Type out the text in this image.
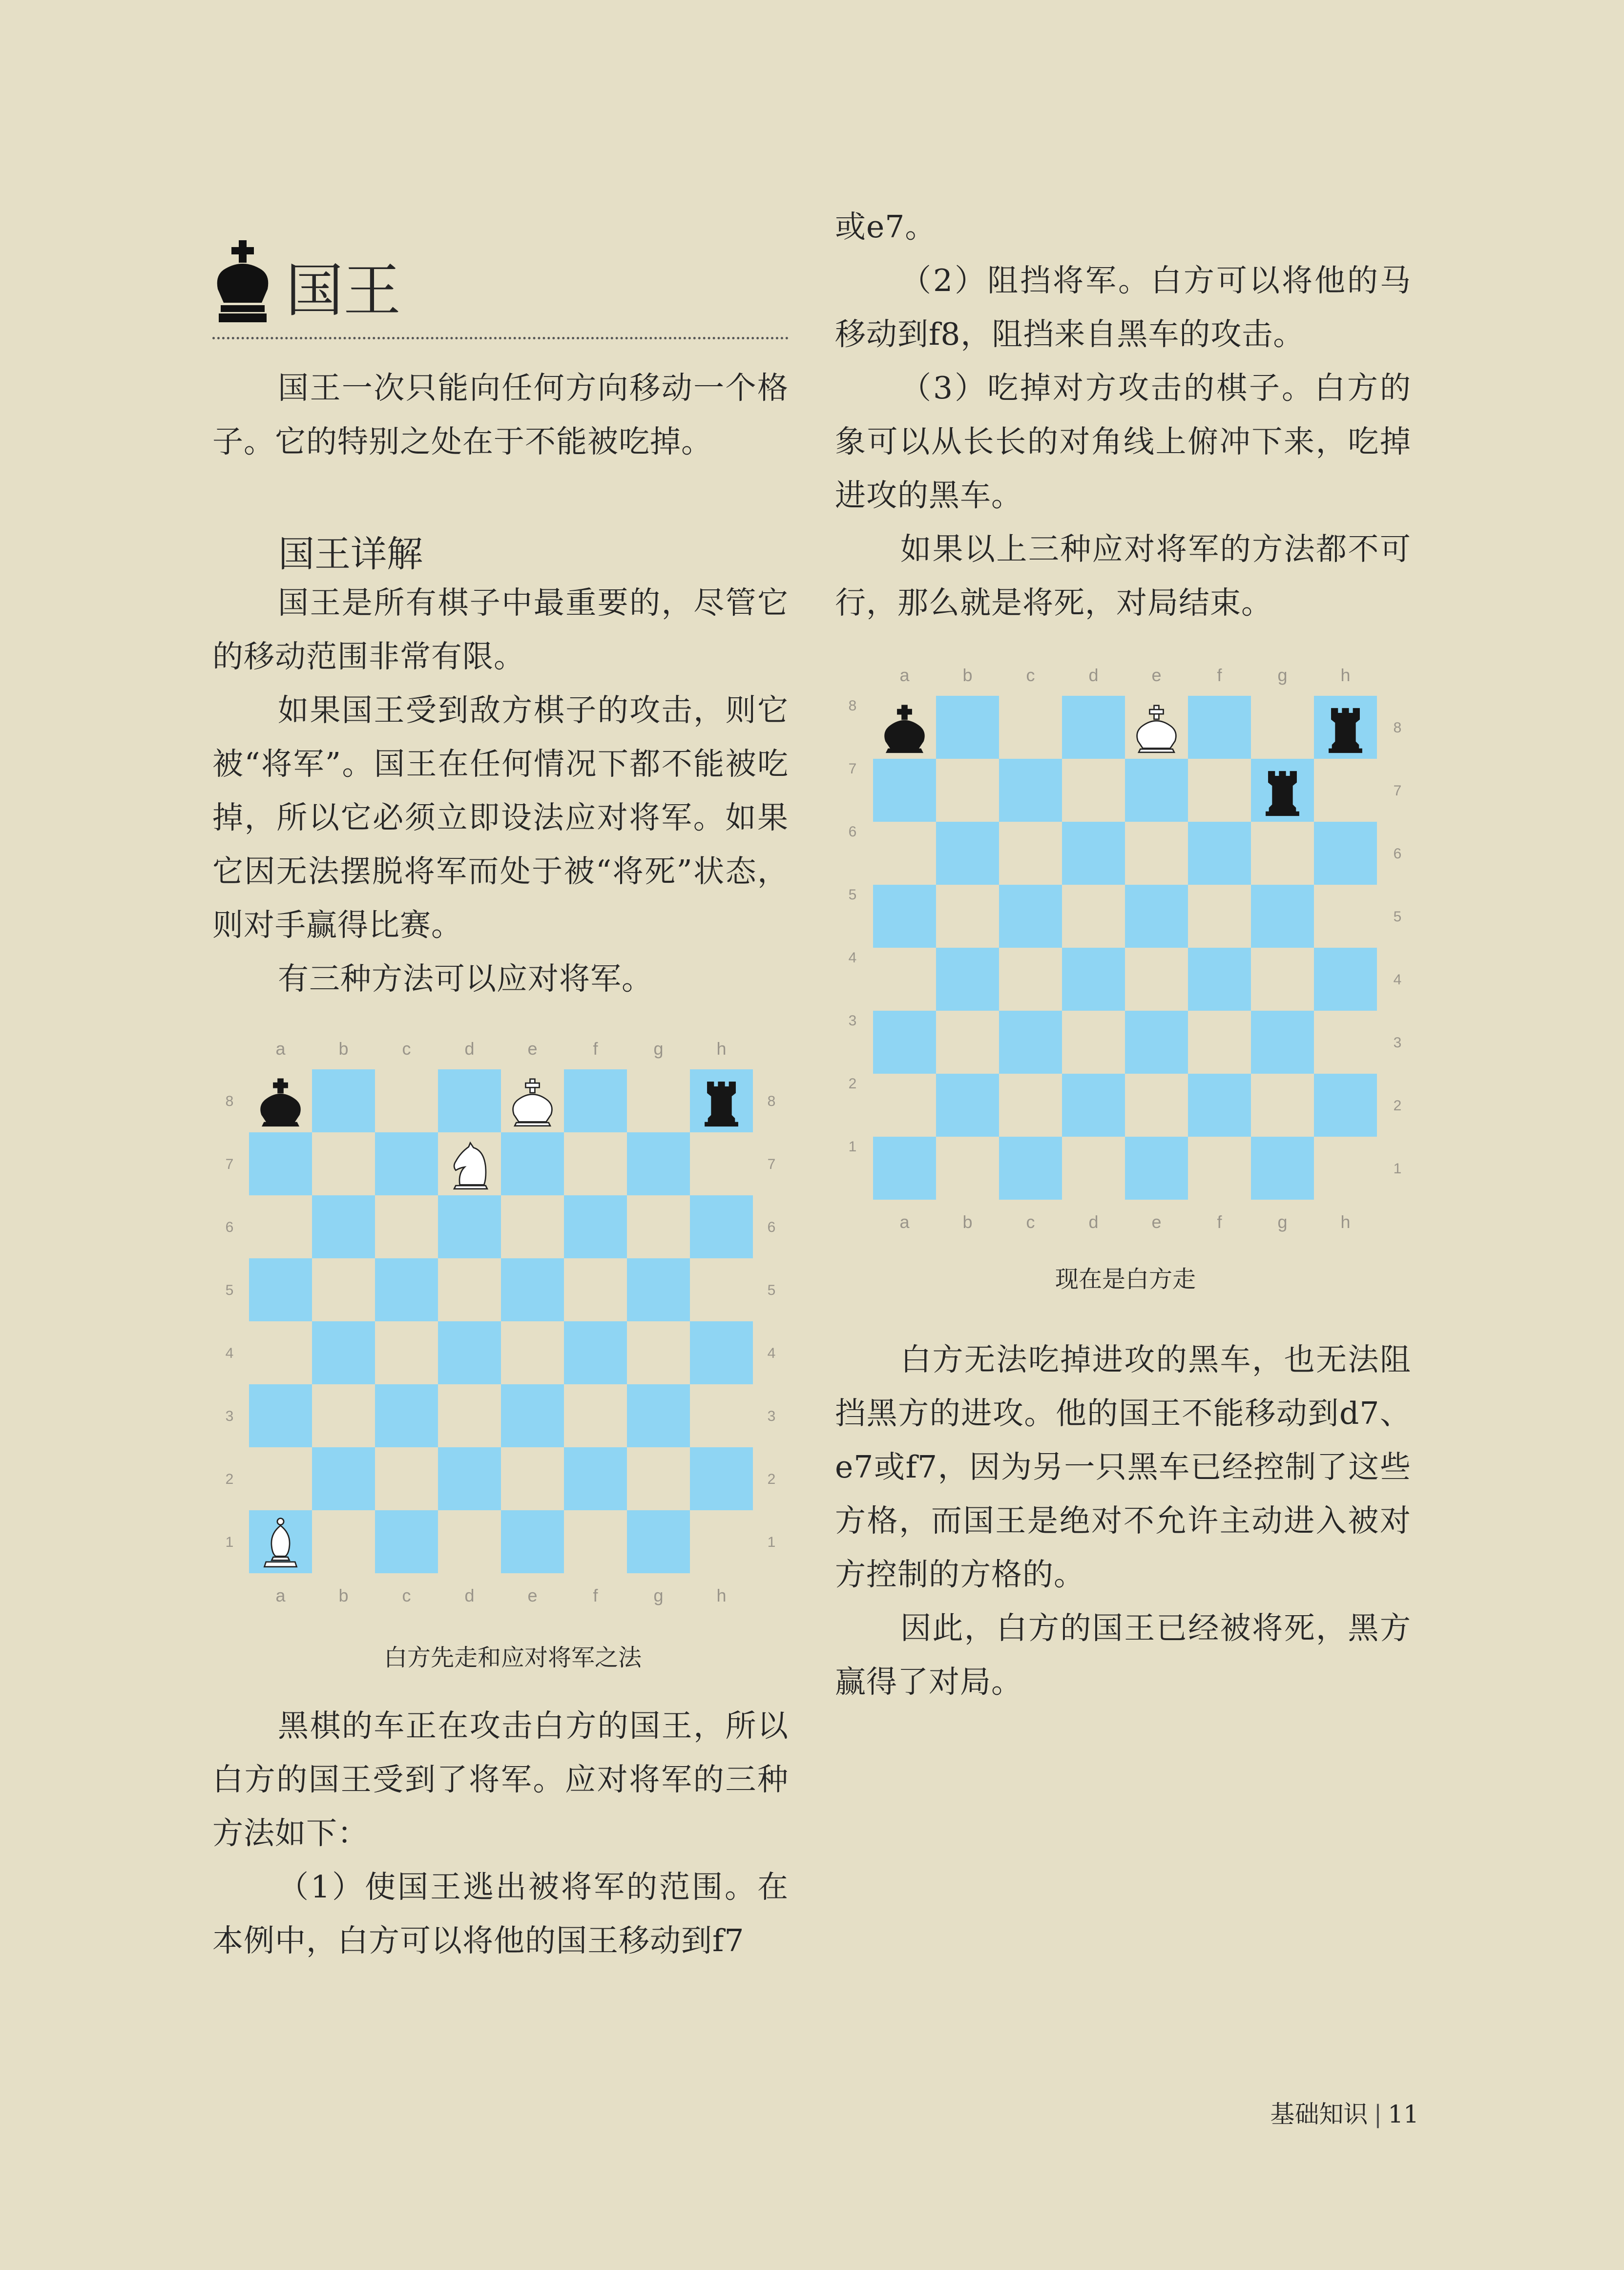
国王
国王一次只能向任何方向移动一个格子。它的特别之处在于不能被吃掉。
国王详解
国王是所有棋子中最重要的，尽管它的移动范围非常有限。
如果国王受到敌方棋子的攻击，则它被“将军”。国王在任何情况下都不能被吃掉，所以它必须立即设法应对将军。如果它因无法摆脱将军而处于被“将死”状态，则对手赢得比赛。
有三种方法可以应对将军。
a
a
b
b
c
c
d
d
e
e
f
f
g
g
h
h
8	8
7	7
6	6
5	5
4	4
3	3
2	2
1	1
白方先走和应对将军之法
黑棋的车正在攻击白方的国王，所以白方的国王受到了将军。应对将军的三种方法如下：
（1）使国王逃出被将军的范围。在本例中，白方可以将他的国王移动到f7
或e7。
（2）阻挡将军。白方可以将他的马移动到f8，阻挡来自黑车的攻击。
（3）吃掉对方攻击的棋子。白方的象可以从长长的对角线上俯冲下来，吃掉进攻的黑车。
如果以上三种应对将军的方法都不可行，那么就是将死，对局结束。
a
a
b
b
c
c
d
d
e
e
f
f
g
g
h
h
8
8
7
7
6
6
5
5
4
4
3
3
2
2
1
1
现在是白方走
白方无法吃掉进攻的黑车，也无法阻挡黑方的进攻。他的国王不能移动到d7、e7或f7，因为另一只黑车已经控制了这些方格，而国王是绝对不允许主动进入被对方控制的方格的。
因此，白方的国王已经被将死，黑方赢得了对局。
基础知识 | 11
